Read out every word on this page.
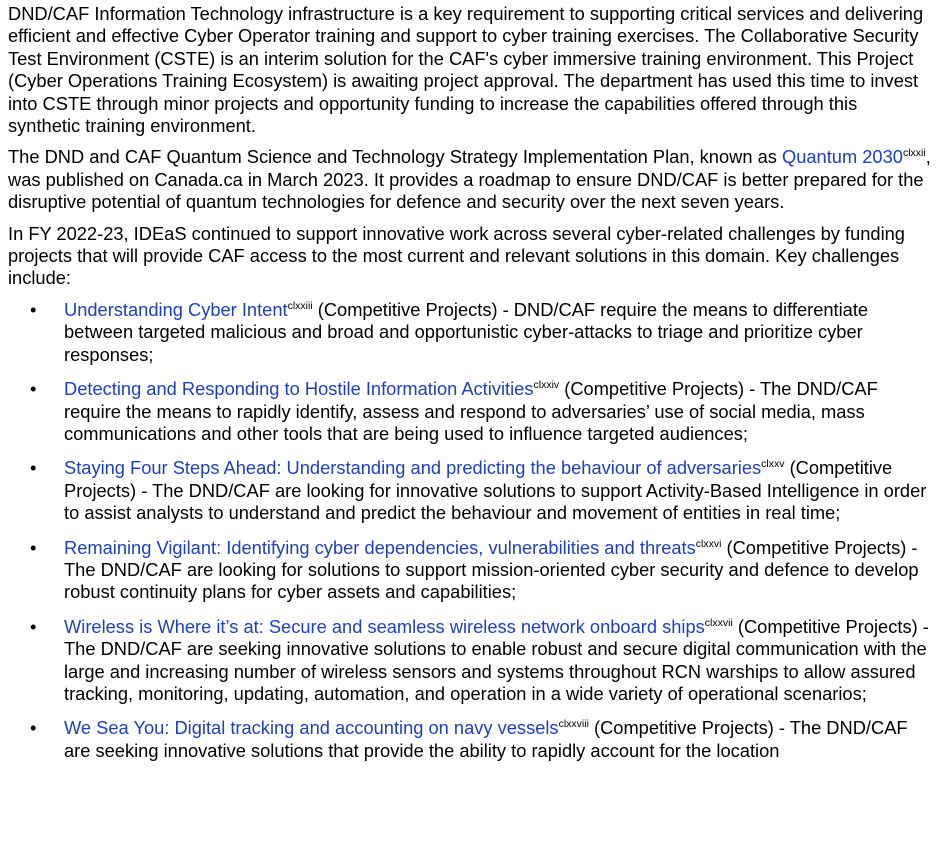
DND/CAF Information Technology infrastructure is a key requirement to supporting critical services and delivering efficient and effective Cyber Operator training and support to cyber training exercises. The Collaborative Security Test Environment (CSTE) is an interim solution for the CAF's cyber immersive training environment. This Project (Cyber Operations Training Ecosystem) is awaiting project approval. The department has used this time to invest into CSTE through minor projects and opportunity funding to increase the capabilities offered through this synthetic training environment.

The DND and CAF Quantum Science and Technology Strategy Implementation Plan, known as Quantum $2030^{clxxii}$, was published on Canada.ca in March 2023. It provides a roadmap to ensure DND/CAF is better prepared for the disruptive potential of quantum technologies for defence and security over the next seven years.

In FY 2022-23, IDEaS continued to support innovative work across several cyber-related challenges by funding projects that will provide CAF access to the most current and relevant solutions in this domain. Key challenges include:

• Understanding Cyber Intent$^{clxxiii}$ (Competitive Projects) - DND/CAF require the means to differentiate between targeted malicious and broad and opportunistic cyber-attacks to triage and prioritize cyber responses;
• Detecting and Responding to Hostile Information Activities$^{clxxiv}$ (Competitive Projects) - The DND/CAF require the means to rapidly identify, assess and respond to adversaries’ use of social media, mass communications and other tools that are being used to influence targeted audiences;
• Staying Four Steps Ahead: Understanding and predicting the behaviour of adversaries$^{clxxv}$ (Competitive Projects) - The DND/CAF are looking for innovative solutions to support Activity-Based Intelligence in order to assist analysts to understand and predict the behaviour and movement of entities in real time;
• Remaining Vigilant: Identifying cyber dependencies, vulnerabilities and threats$^{clxxvi}$ (Competitive Projects) - The DND/CAF are looking for solutions to support mission-oriented cyber security and defence to develop robust continuity plans for cyber assets and capabilities;
• Wireless is Where it’s at: Secure and seamless wireless network onboard ships$^{clxxvii}$ (Competitive Projects) - The DND/CAF are seeking innovative solutions to enable robust and secure digital communication with the large and increasing number of wireless sensors and systems throughout RCN warships to allow assured tracking, monitoring, updating, automation, and operation in a wide variety of operational scenarios;
• We Sea You: Digital tracking and accounting on navy vessels$^{clxxviii}$ (Competitive Projects) - The DND/CAF are seeking innovative solutions that provide the ability to rapidly account for the location
